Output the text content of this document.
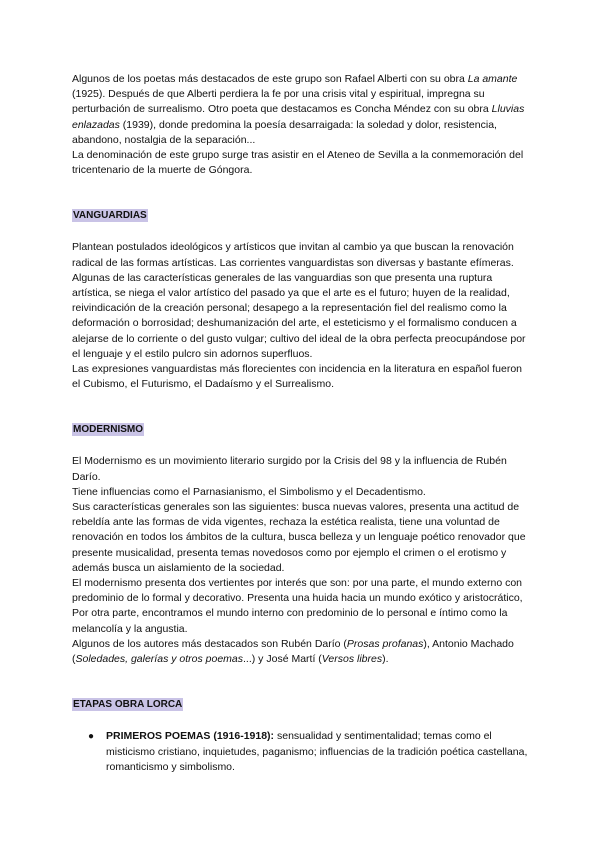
Algunos de los poetas más destacados de este grupo son Rafael Alberti con su obra La amante (1925). Después de que Alberti perdiera la fe por una crisis vital y espiritual, impregna su perturbación de surrealismo. Otro poeta que destacamos es Concha Méndez con su obra Lluvias enlazadas (1939), donde predomina la poesía desarraigada: la soledad y dolor, resistencia, abandono, nostalgia de la separación...

La denominación de este grupo surge tras asistir en el Ateneo de Sevilla a la conmemoración del tricentenario de la muerte de Góngora.

VANGUARDIAS

Plantean postulados ideológicos y artísticos que invitan al cambio ya que buscan la renovación radical de las formas artísticas. Las corrientes vanguardistas son diversas y bastante efímeras.

Algunas de las características generales de las vanguardias son que presenta una ruptura artística, se niega el valor artístico del pasado ya que el arte es el futuro; huyen de la realidad, reivindicación de la creación personal; desapego a la representación fiel del realismo como la deformación o borrosidad; deshumanización del arte, el esteticismo y el formalismo conducen a alejarse de lo corriente o del gusto vulgar; cultivo del ideal de la obra perfecta preocupándose por el lenguaje y el estilo pulcro sin adornos superfluos.

Las expresiones vanguardistas más florecientes con incidencia en la literatura en español fueron el Cubismo, el Futurismo, el Dadaísmo y el Surrealismo.

MODERNISMO

El Modernismo es un movimiento literario surgido por la Crisis del 98 y la influencia de Rubén Darío.

Tiene influencias como el Parnasianismo, el Simbolismo y el Decadentismo.

Sus características generales son las siguientes: busca nuevas valores, presenta una actitud de rebeldía ante las formas de vida vigentes, rechaza la estética realista, tiene una voluntad de renovación en todos los ámbitos de la cultura, busca belleza y un lenguaje poético renovador que presente musicalidad, presenta temas novedosos como por ejemplo el crimen o el erotismo y además busca un aislamiento de la sociedad.

El modernismo presenta dos vertientes por interés que son: por una parte, el mundo externo con predominio de lo formal y decorativo. Presenta una huida hacia un mundo exótico y aristocrático, Por otra parte, encontramos el mundo interno con predominio de lo personal e íntimo como la melancolía y la angustia.

Algunos de los autores más destacados son Rubén Darío (Prosas profanas), Antonio Machado (Soledades, galerías y otros poemas...) y José Martí (Versos libres).

ETAPAS OBRA LORCA
● PRIMEROS POEMAS (1916-1918): sensualidad y sentimentalidad; temas como el misticismo cristiano, inquietudes, paganismo; influencias de la tradición poética castellana, romanticismo y simbolismo.
